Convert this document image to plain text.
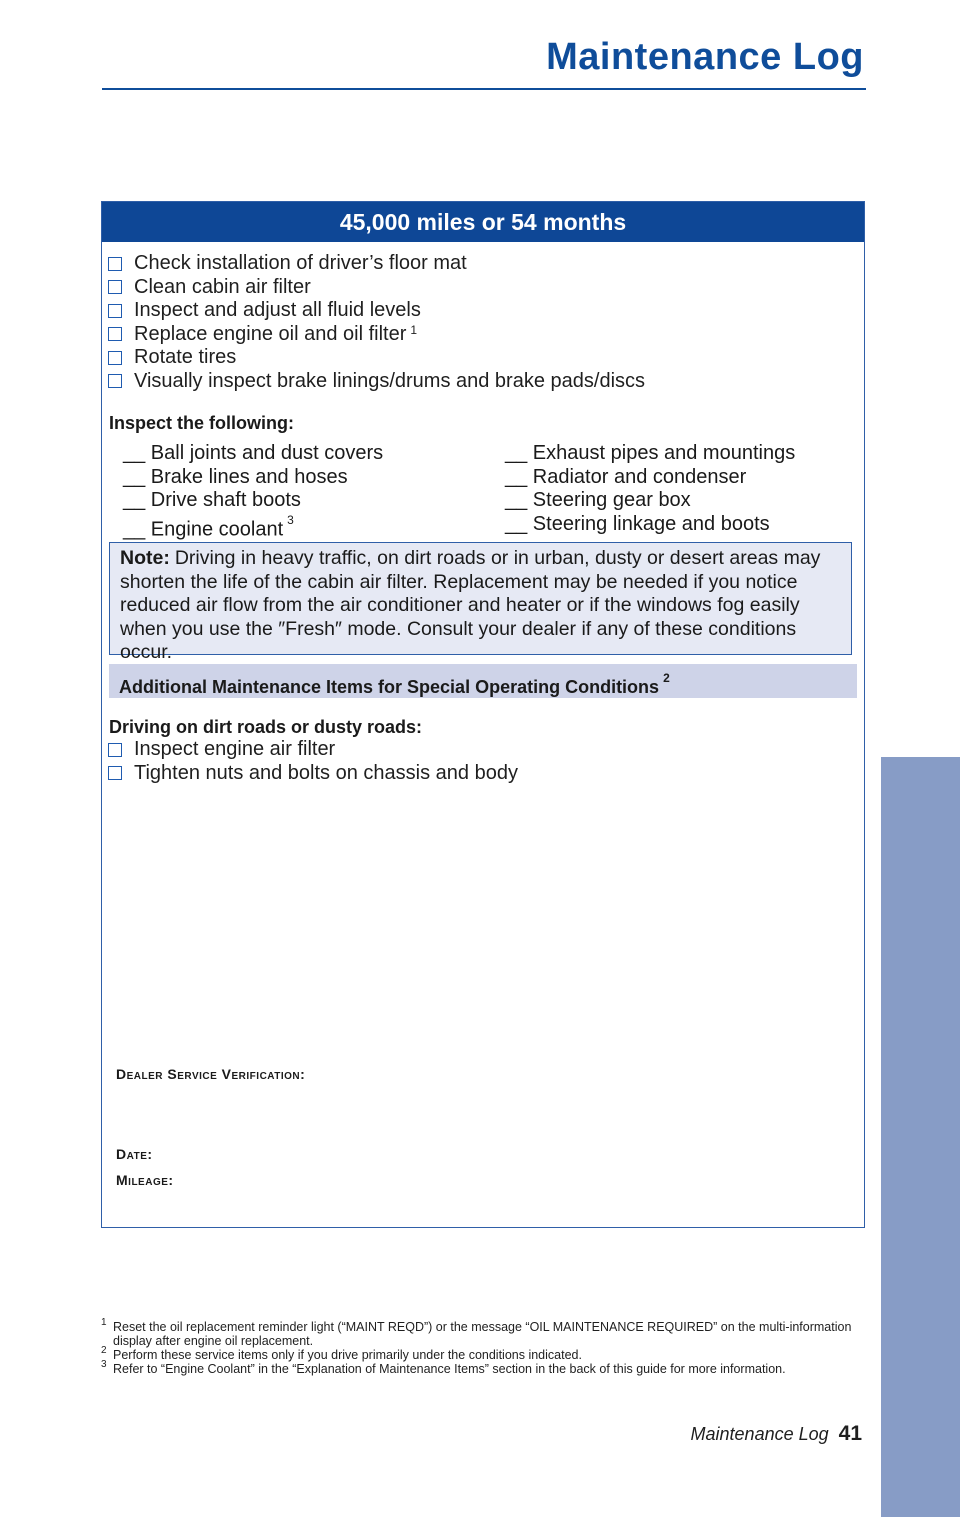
Maintenance Log
45,000 miles or 54 months
Check installation of driver’s floor mat
Clean cabin air filter
Inspect and adjust all fluid levels
Replace engine oil and oil filter $^1$
Rotate tires
Visually inspect brake linings/drums and brake pads/discs
Inspect the following:
__ Ball joints and dust covers
__ Brake lines and hoses
__ Drive shaft boots
__ Engine coolant $^3$
__ Exhaust pipes and mountings
__ Radiator and condenser
__ Steering gear box
__ Steering linkage and boots
Note: Driving in heavy traffic, on dirt roads or in urban, dusty or desert areas may shorten the life of the cabin air filter. Replacement may be needed if you notice reduced air flow from the air conditioner and heater or if the windows fog easily when you use the ″Fresh″ mode. Consult your dealer if any of these conditions occur.
Additional Maintenance Items for Special Operating Conditions $^2$
Driving on dirt roads or dusty roads:
Inspect engine air filter
Tighten nuts and bolts on chassis and body
Dealer Service Verification:
Date:
Mileage:
1 Reset the oil replacement reminder light (“MAINT REQD”) or the message “OIL MAINTENANCE REQUIRED” on the multi-information display after engine oil replacement.
2 Perform these service items only if you drive primarily under the conditions indicated.
3 Refer to “Engine Coolant” in the “Explanation of Maintenance Items” section in the back of this guide for more information.
Maintenance Log 41
MAINTENANCE
